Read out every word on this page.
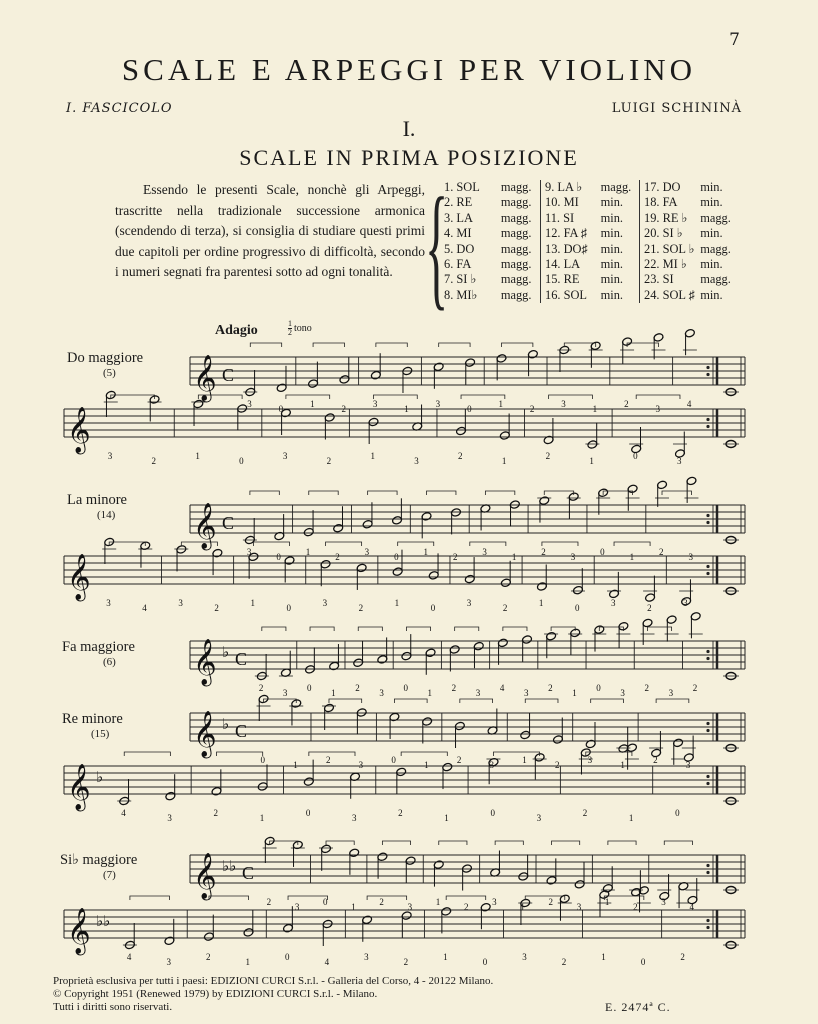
7
SCALE E ARPEGGI PER VIOLINO
I. FASCICOLO	LUIGI SCHININÀ
I.
SCALE IN PRIMA POSIZIONE

Essendo le presenti Scale, nonchè gli Arpeggi, trascritte nella tradizionale successione armonica (scendendo di terza), si consiglia di studiare questi primi due capitoli per ordine progressivo di difficoltà, secondo i numeri segnati fra parentesi sotto ad ogni tonalità. {
1. SOL	magg.
2. RE	magg.
3. LA	magg.
4. MI	magg.
5. DO	magg.
6. FA	magg.
7. SI ♭	magg.
8. MI♭	magg.
9. LA ♭	magg.
10. MI	min.
11. SI	min.
12. FA ♯	min.
13. DO♯	min.
14. LA	min.
15. RE	min.
16. SOL	min.
17. DO	min.
18. FA	min.
19. RE ♭	magg.
20. SI ♭	min.
21. SOL ♭ magg.
22. MI ♭	min.
23. SI	magg.
24. SOL ♯ min.
Adagio	$\frac{1}{2}$ tono
Do maggiore
(5)
La minore
(14)
Fa maggiore
(6)
Re minore
(15)
Si♭ maggiore
(7)
𝄞 C
3	0	1	2	3	1	3	0	1	2	3	1	2	3	4
𝄞
3	2	1	0	3	2	1	3	2	1	2	1	0	3
𝄞 C
3	0	1	2	3	0	1	2	3	1	2	3	0	1	2	3
𝄞
3	4	3	2	1	0	3	2	1	0	3	2	1	0	3	2	3
𝄞 ♭ C
2 3 0 1 2 3 0 1 2 3 4 3 2 1 0 3 2 3 2
𝄞 ♭ C
0	1	2	3	0	1	2	3	1	2	3	1	2	3
𝄞 ♭
4	3	2	1	0	3	2	1	0	3	2	1	0
𝄞 ♭♭ C
2	3	0	1	2	3	1	2	3	1	2	3	1	2	3	4
𝄞 ♭♭
4	3	2	1	0	4	3	2	1	0	3	2	1	0	2
Proprietà esclusiva per tutti i paesi: EDIZIONI CURCI S.r.l. - Galleria del Corso, 4 - 20122 Milano.
© Copyright 1951 (Renewed 1979) by EDIZIONI CURCI S.r.l. - Milano.
Tutti i diritti sono riservati.	E. 2474ª C.
